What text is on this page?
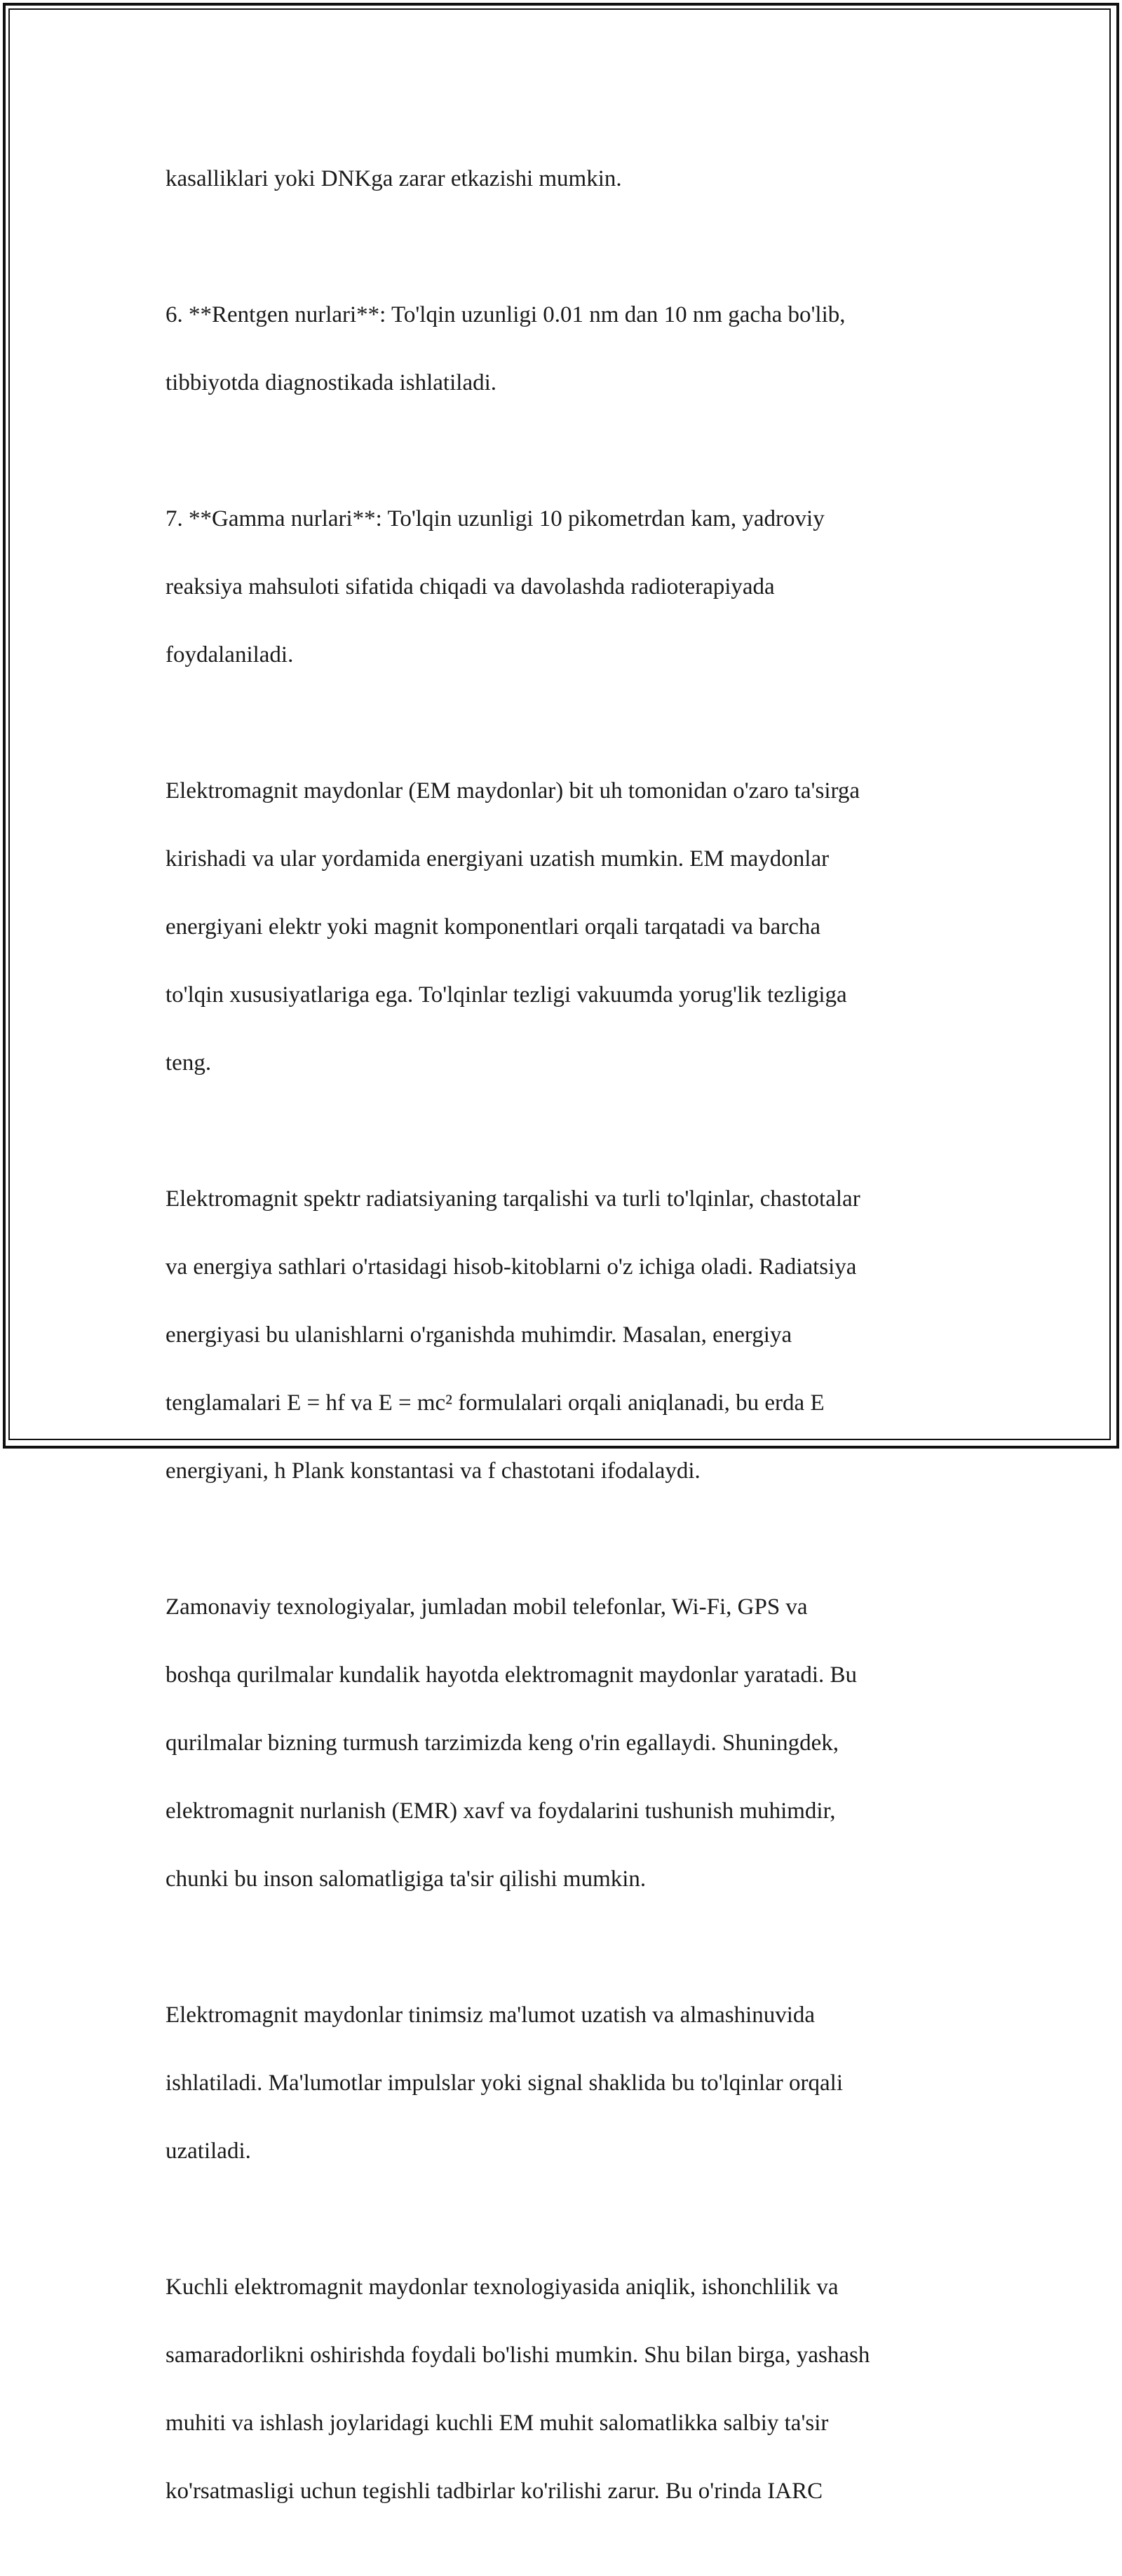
kasalliklari yoki DNKga zarar etkazishi mumkin.

6. **Rentgen nurlari**: To'lqin uzunligi 0.01 nm dan 10 nm gacha bo'lib,

tibbiyotda diagnostikada ishlatiladi.

7. **Gamma nurlari**: To'lqin uzunligi 10 pikometrdan kam, yadroviy

reaksiya mahsuloti sifatida chiqadi va davolashda radioterapiyada

foydalaniladi.

Elektromagnit maydonlar (EM maydonlar) bit uh tomonidan o'zaro ta'sirga

kirishadi va ular yordamida energiyani uzatish mumkin. EM maydonlar

energiyani elektr yoki magnit komponentlari orqali tarqatadi va barcha

to'lqin xususiyatlariga ega. To'lqinlar tezligi vakuumda yorug'lik tezligiga

teng.

Elektromagnit spektr radiatsiyaning tarqalishi va turli to'lqinlar, chastotalar

va energiya sathlari o'rtasidagi hisob-kitoblarni o'z ichiga oladi. Radiatsiya

energiyasi bu ulanishlarni o'rganishda muhimdir. Masalan, energiya

tenglamalari E = hf va E = mc² formulalari orqali aniqlanadi, bu erda E

energiyani, h Plank konstantasi va f chastotani ifodalaydi.

Zamonaviy texnologiyalar, jumladan mobil telefonlar, Wi-Fi, GPS va

boshqa qurilmalar kundalik hayotda elektromagnit maydonlar yaratadi. Bu

qurilmalar bizning turmush tarzimizda keng o'rin egallaydi. Shuningdek,

elektromagnit nurlanish (EMR) xavf va foydalarini tushunish muhimdir,

chunki bu inson salomatligiga ta'sir qilishi mumkin.

Elektromagnit maydonlar tinimsiz ma'lumot uzatish va almashinuvida

ishlatiladi. Ma'lumotlar impulslar yoki signal shaklida bu to'lqinlar orqali

uzatiladi.

Kuchli elektromagnit maydonlar texnologiyasida aniqlik, ishonchlilik va

samaradorlikni oshirishda foydali bo'lishi mumkin. Shu bilan birga, yashash

muhiti va ishlash joylaridagi kuchli EM muhit salomatlikka salbiy ta'sir

ko'rsatmasligi uchun tegishli tadbirlar ko'rilishi zarur. Bu o'rinda IARC
